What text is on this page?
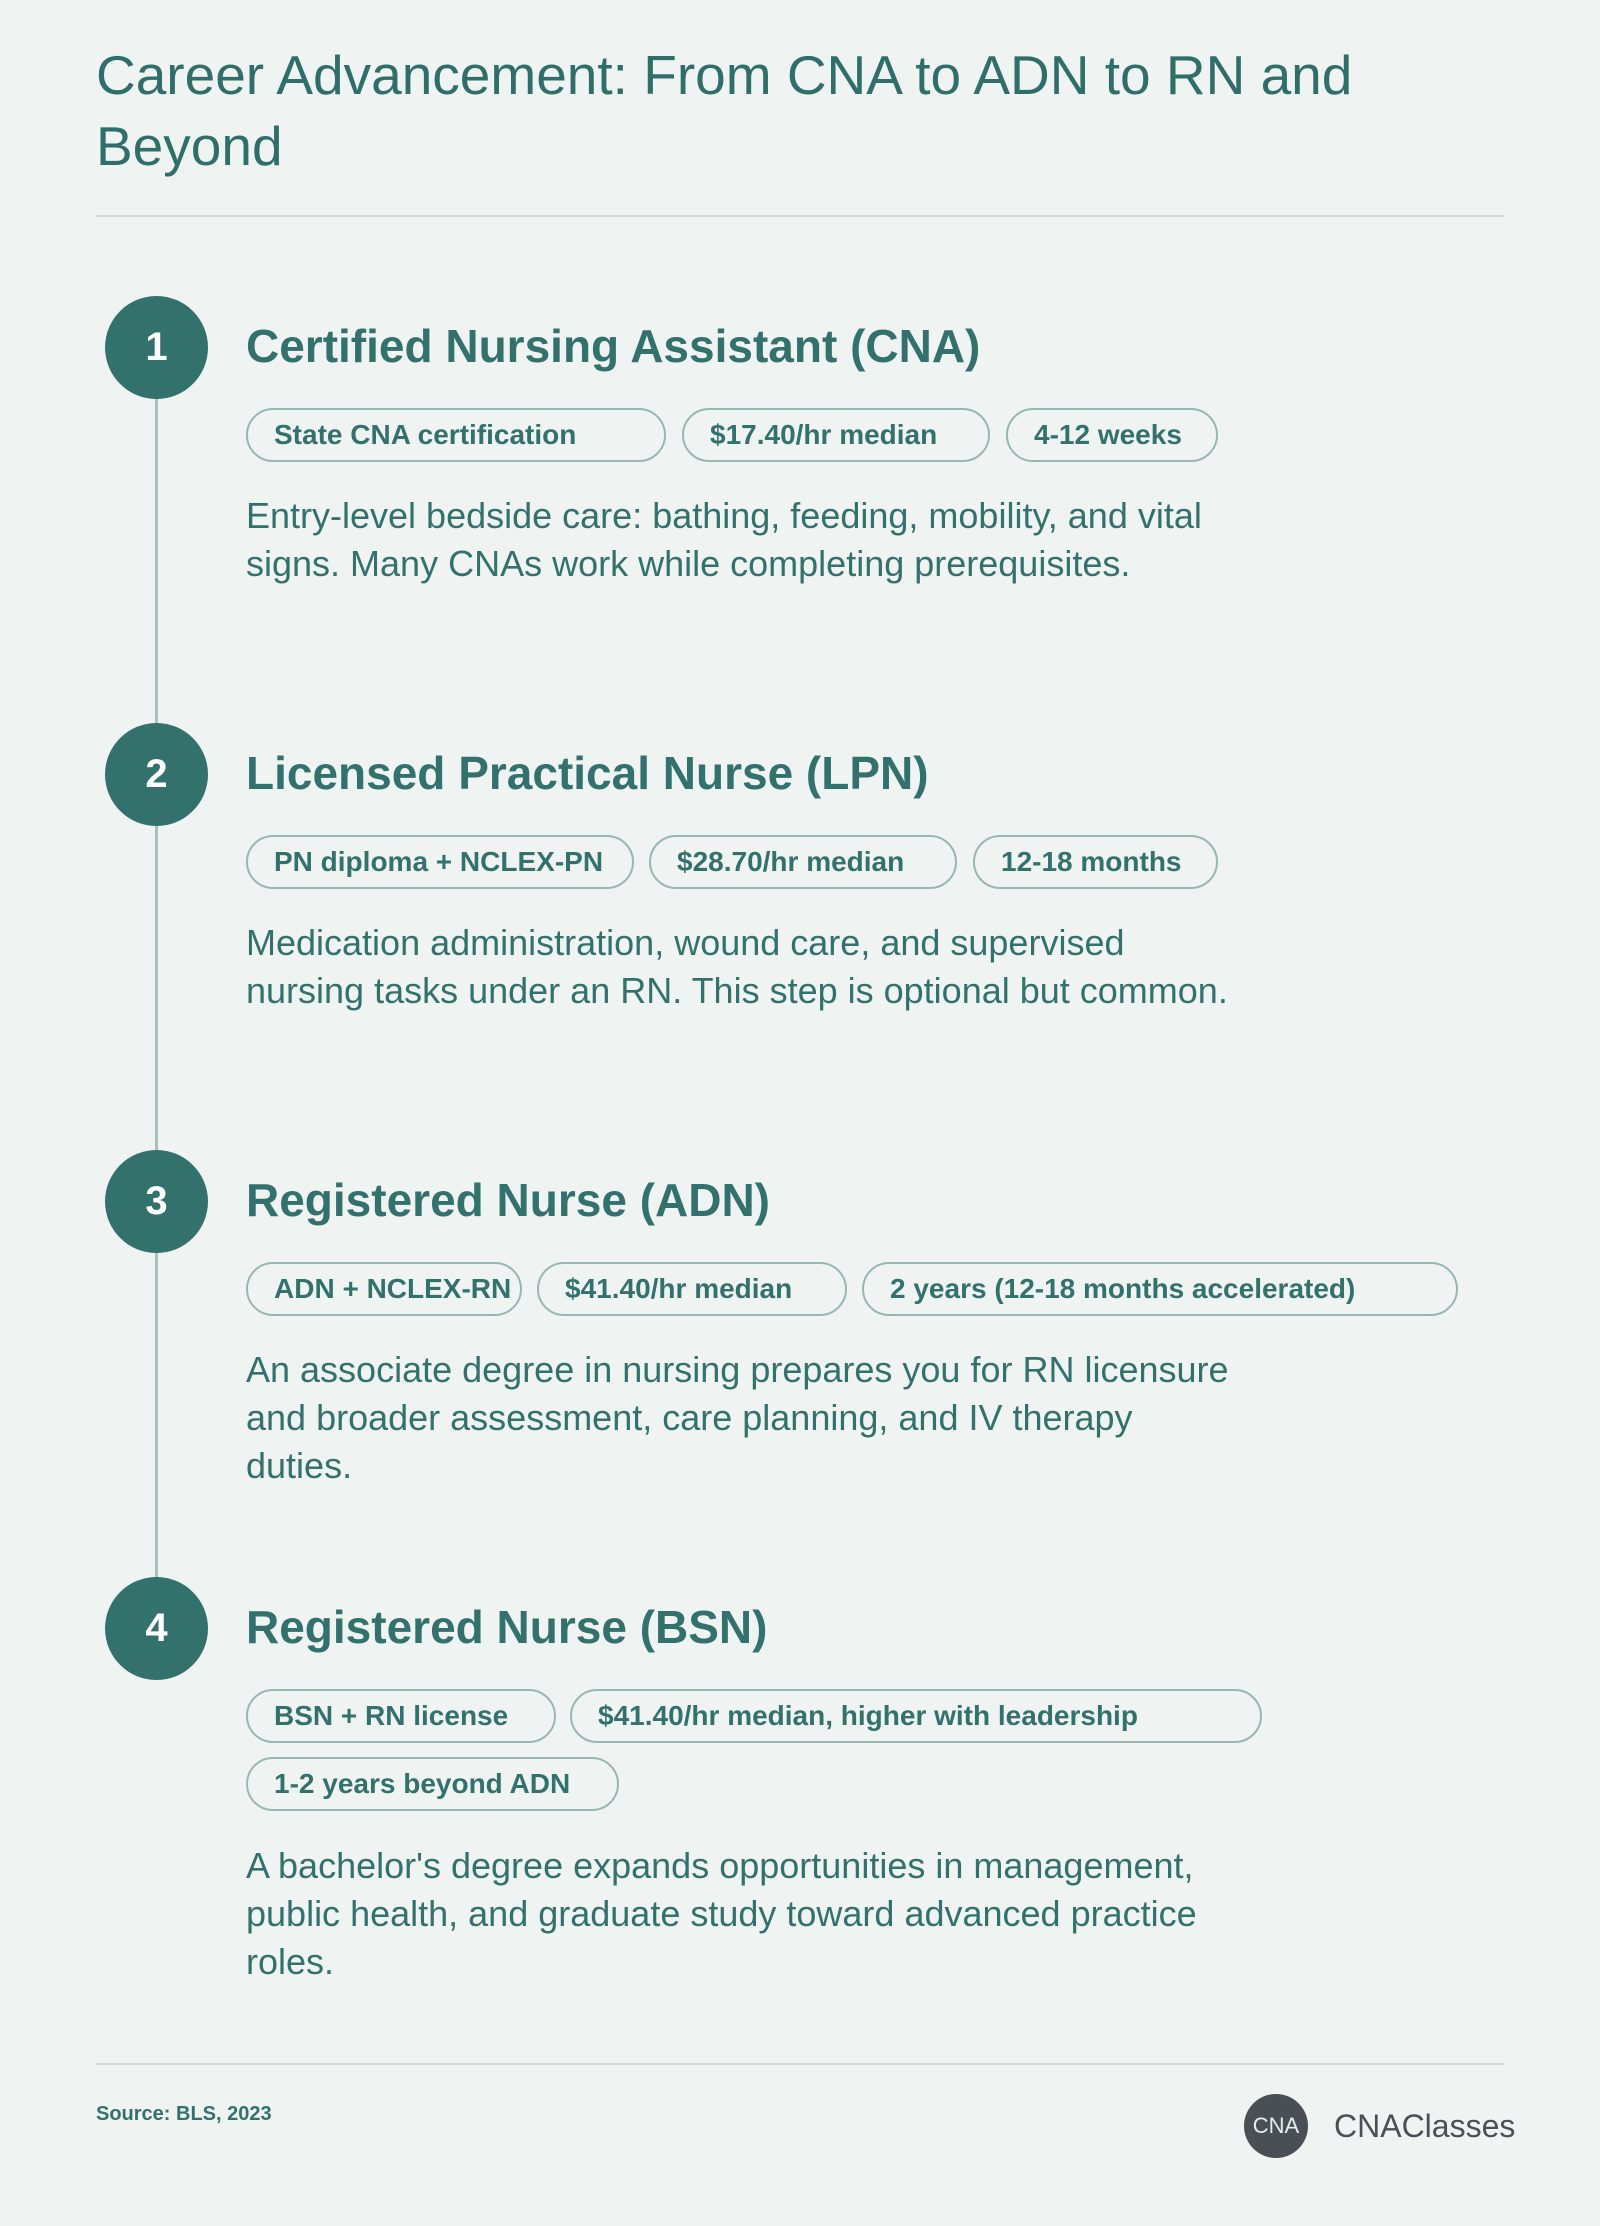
Career Advancement: From CNA to ADN to RN and Beyond
1	Certified Nursing Assistant (CNA)
State CNA certification	$17.40/hr median	4-12 weeks

Entry-level bedside care: bathing, feeding, mobility, and vital signs. Many CNAs work while completing prerequisites.

2	Licensed Practical Nurse (LPN)
PN diploma + NCLEX-PN	$28.70/hr median	12-18 months

Medication administration, wound care, and supervised nursing tasks under an RN. This step is optional but common.

3	Registered Nurse (ADN)
ADN + NCLEX-RN	$41.40/hr median	2 years (12-18 months accelerated)

An associate degree in nursing prepares you for RN licensure and broader assessment, care planning, and IV therapy duties.

4	Registered Nurse (BSN)
BSN + RN license	$41.40/hr median, higher with leadership
1-2 years beyond ADN

A bachelor's degree expands opportunities in management, public health, and graduate study toward advanced practice roles.

Source: BLS, 2023	CNA CNAClasses
